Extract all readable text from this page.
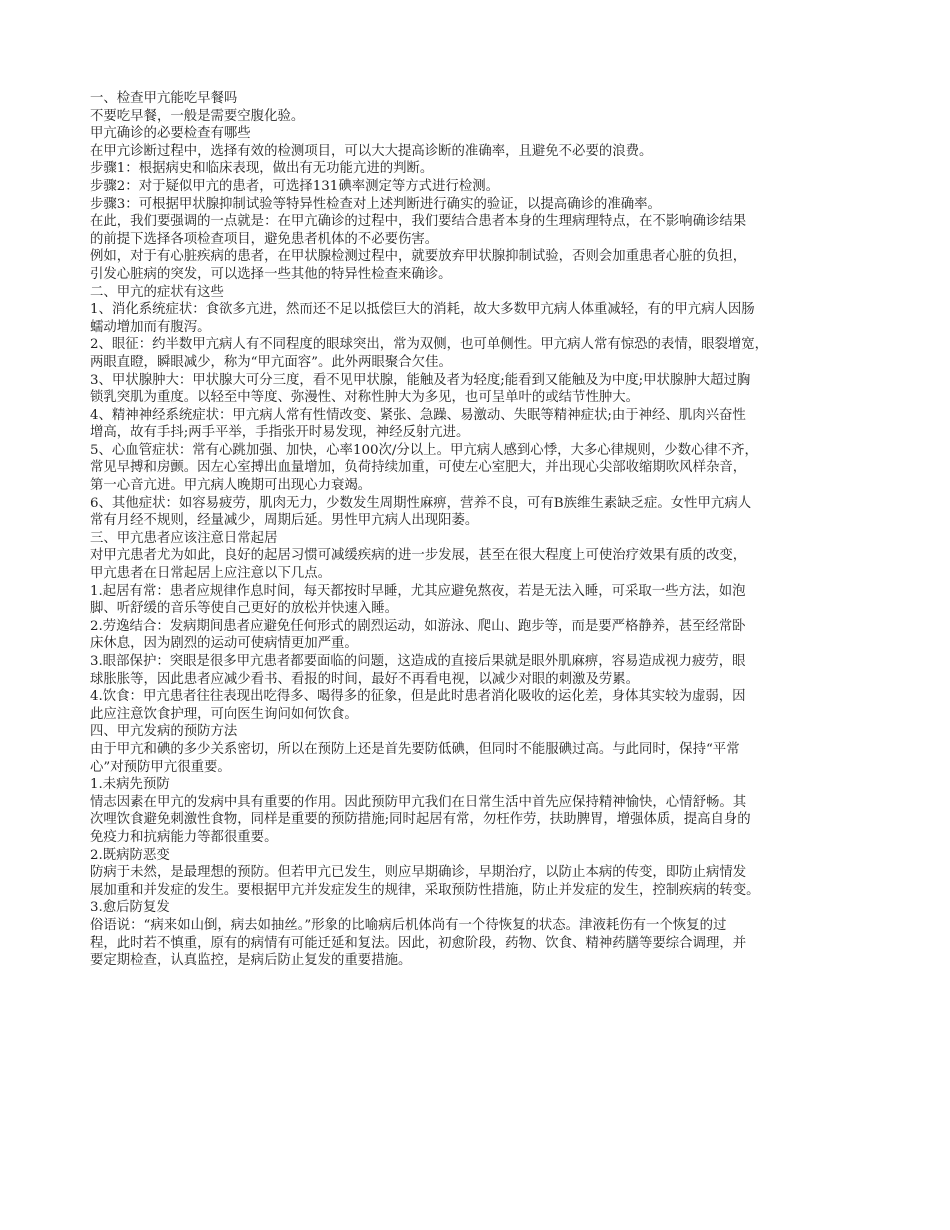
一、检查甲亢能吃早餐吗

不要吃早餐，一般是需要空腹化验。

甲亢确诊的必要检查有哪些

在甲亢诊断过程中，选择有效的检测项目，可以大大提高诊断的准确率，且避免不必要的浪费。

步骤1：根据病史和临床表现，做出有无功能亢进的判断。

步骤2：对于疑似甲亢的患者，可选择131碘率测定等方式进行检测。

步骤3：可根据甲状腺抑制试验等特异性检查对上述判断进行确实的验证，以提高确诊的准确率。

在此，我们要强调的一点就是：在甲亢确诊的过程中，我们要结合患者本身的生理病理特点，在不影响确诊结果
的前提下选择各项检查项目，避免患者机体的不必要伤害。

例如，对于有心脏疾病的患者，在甲状腺检测过程中，就要放弃甲状腺抑制试验，否则会加重患者心脏的负担，
引发心脏病的突发，可以选择一些其他的特异性检查来确诊。

二、甲亢的症状有这些

1、消化系统症状：食欲多亢进，然而还不足以抵偿巨大的消耗，故大多数甲亢病人体重减轻，有的甲亢病人因肠
蠕动增加而有腹泻。

2、眼征：约半数甲亢病人有不同程度的眼球突出，常为双侧，也可单侧性。甲亢病人常有惊恐的表情，眼裂增宽，
两眼直瞪，瞬眼减少，称为“甲亢面容”。此外两眼聚合欠佳。

3、甲状腺肿大：甲状腺大可分三度，看不见甲状腺，能触及者为轻度;能看到又能触及为中度;甲状腺肿大超过胸
锁乳突肌为重度。以轻至中等度、弥漫性、对称性肿大为多见，也可呈单叶的或结节性肿大。

4、精神神经系统症状：甲亢病人常有性情改变、紧张、急躁、易激动、失眠等精神症状;由于神经、肌肉兴奋性
增高，故有手抖;两手平举，手指张开时易发现，神经反射亢进。

5、心血管症状：常有心跳加强、加快，心率100次/分以上。甲亢病人感到心悸，大多心律规则，少数心律不齐，
常见早搏和房颤。因左心室搏出血量增加，负荷持续加重，可使左心室肥大，并出现心尖部收缩期吹风样杂音，
第一心音亢进。甲亢病人晚期可出现心力衰竭。

6、其他症状：如容易疲劳，肌肉无力，少数发生周期性麻痹，营养不良，可有B族维生素缺乏症。女性甲亢病人
常有月经不规则，经量减少，周期后延。男性甲亢病人出现阳萎。

三、甲亢患者应该注意日常起居

对甲亢患者尤为如此，良好的起居习惯可减缓疾病的进一步发展，甚至在很大程度上可使治疗效果有质的改变，
甲亢患者在日常起居上应注意以下几点。

1.起居有常：患者应规律作息时间，每天都按时早睡，尤其应避免熬夜，若是无法入睡，可采取一些方法，如泡
脚、听舒缓的音乐等使自己更好的放松并快速入睡。

2.劳逸结合：发病期间患者应避免任何形式的剧烈运动，如游泳、爬山、跑步等，而是要严格静养，甚至经常卧
床休息，因为剧烈的运动可使病情更加严重。

3.眼部保护：突眼是很多甲亢患者都要面临的问题，这造成的直接后果就是眼外肌麻痹，容易造成视力疲劳，眼
球胀胀等，因此患者应减少看书、看报的时间，最好不再看电视，以减少对眼的刺激及劳累。

4.饮食：甲亢患者往往表现出吃得多、喝得多的征象，但是此时患者消化吸收的运化差，身体其实较为虚弱，因
此应注意饮食护理，可向医生询问如何饮食。

四、甲亢发病的预防方法

由于甲亢和碘的多少关系密切，所以在预防上还是首先要防低碘，但同时不能服碘过高。与此同时，保持“平常
心”对预防甲亢很重要。

1.未病先预防

情志因素在甲亢的发病中具有重要的作用。因此预防甲亢我们在日常生活中首先应保持精神愉快，心情舒畅。其
次哩饮食避免刺激性食物，同样是重要的预防措施;同时起居有常，勿枉作劳，扶助脾胃，增强体质，提高自身的
免疫力和抗病能力等都很重要。

2.既病防恶变

防病于未然，是最理想的预防。但若甲亢已发生，则应早期确诊，早期治疗，以防止本病的传变，即防止病情发
展加重和并发症的发生。要根据甲亢并发症发生的规律，采取预防性措施，防止并发症的发生，控制疾病的转变。

3.愈后防复发

俗语说：“病来如山倒，病去如抽丝。”形象的比喻病后机体尚有一个待恢复的状态。津液耗伤有一个恢复的过
程，此时若不慎重，原有的病情有可能迁延和复法。因此，初愈阶段，药物、饮食、精神药膳等要综合调理，并
要定期检查，认真监控，是病后防止复发的重要措施。
